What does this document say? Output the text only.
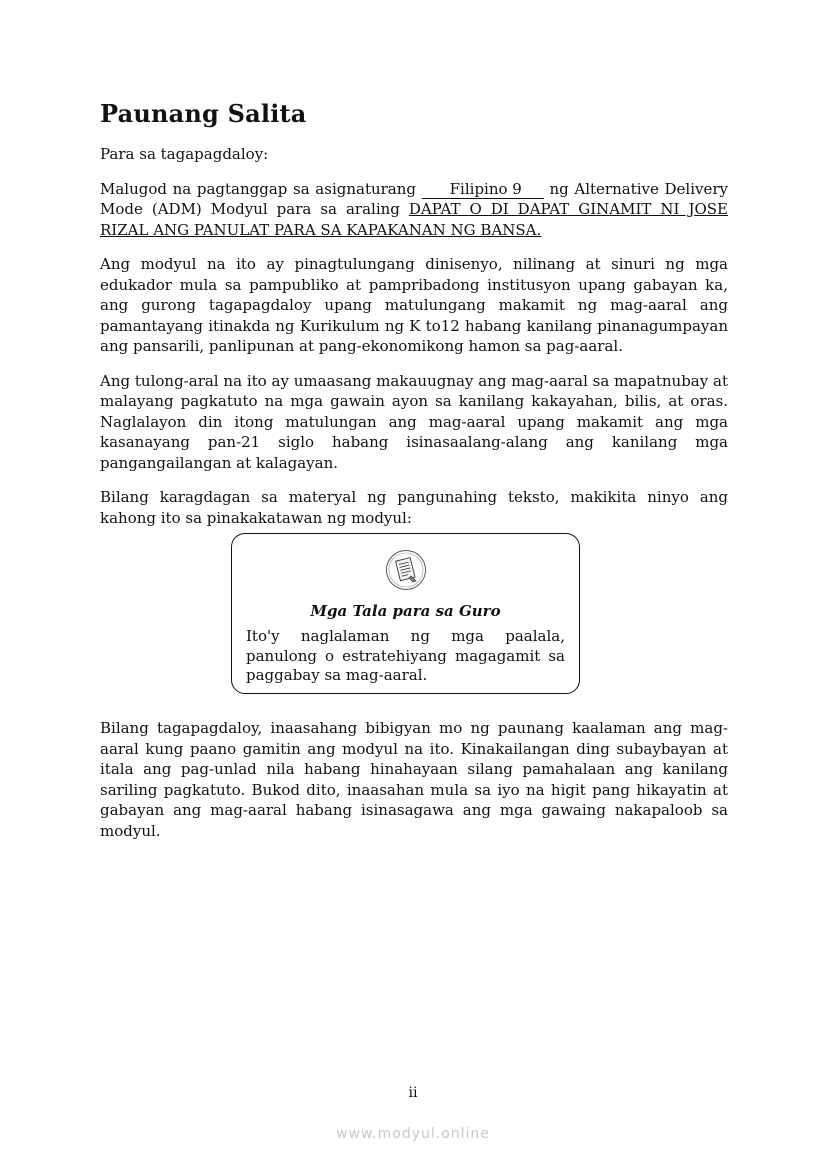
Paunang Salita

Para sa tagapagdaloy:

Malugod na pagtanggap sa asignaturang Filipino 9 ng Alternative Delivery Mode (ADM) Modyul para sa araling DAPAT O DI DAPAT GINAMIT NI JOSE RIZAL ANG PANULAT PARA SA KAPAKANAN NG BANSA.

Ang modyul na ito ay pinagtulungang dinisenyo, nilinang at sinuri ng mga edukador mula sa pampubliko at pampribadong institusyon upang gabayan ka, ang gurong tagapagdaloy upang matulungang makamit ng mag-aaral ang pamantayang itinakda ng Kurikulum ng K to12 habang kanilang pinanagumpayan ang pansarili, panlipunan at pang-ekonomikong hamon sa pag-aaral.

Ang tulong-aral na ito ay umaasang makauugnay ang mag-aaral sa mapatnubay at malayang pagkatuto na mga gawain ayon sa kanilang kakayahan, bilis, at oras. Naglalayon din itong matulungan ang mag-aaral upang makamit ang mga kasanayang pan-21 siglo habang isinasaalang-alang ang kanilang mga pangangailangan at kalagayan.

Bilang karagdagan sa materyal ng pangunahing teksto, makikita ninyo ang kahong ito sa pinakakatawan ng modyul:

Mga Tala para sa Guro

Ito'y naglalaman ng mga paalala, panulong o estratehiyang magagamit sa paggabay sa mag-aaral.

Bilang tagapagdaloy, inaasahang bibigyan mo ng paunang kaalaman ang mag-aaral kung paano gamitin ang modyul na ito. Kinakailangan ding subaybayan at itala ang pag-unlad nila habang hinahayaan silang pamahalaan ang kanilang sariling pagkatuto. Bukod dito, inaasahan mula sa iyo na higit pang hikayatin at gabayan ang mag-aaral habang isinasagawa ang mga gawaing nakapaloob sa modyul.

ii
www.modyul.online
